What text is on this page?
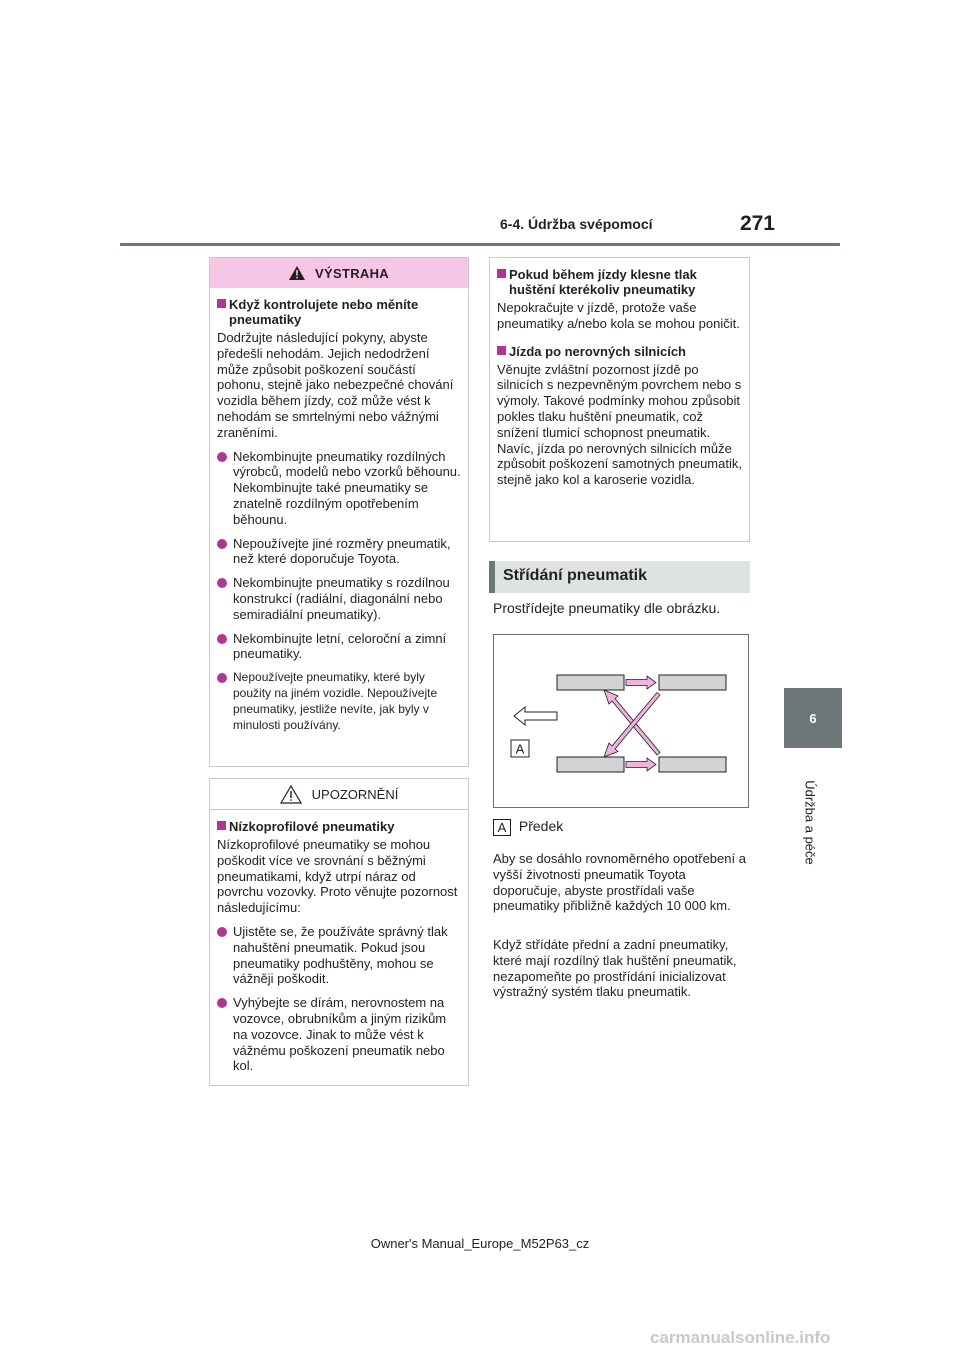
6-4. Údržba svépomocí	271
6
Údržba a péče
VÝSTRAHA
Když kontrolujete nebo měníte pneumatiky
Dodržujte následující pokyny, abyste předešli nehodám. Jejich nedodržení může způsobit poškození součástí pohonu, stejně jako nebezpečné chování vozidla během jízdy, což může vést k nehodám se smrtelnými nebo vážnými zraněními.
Nekombinujte pneumatiky rozdílných výrobců, modelů nebo vzorků běhounu. Nekombinujte také pneumatiky se znatelně rozdílným opotřebením běhounu.
Nepoužívejte jiné rozměry pneumatik, než které doporučuje Toyota.
Nekombinujte pneumatiky s rozdílnou konstrukcí (radiální, diagonální nebo semiradiální pneumatiky).
Nekombinujte letní, celoroční a zimní pneumatiky.
Nepoužívejte pneumatiky, které byly použity na jiném vozidle. Nepoužívejte pneumatiky, jestliže nevíte, jak byly v minulosti používány.
UPOZORNĚNÍ
Nízkoprofilové pneumatiky
Nízkoprofilové pneumatiky se mohou poškodit více ve srovnání s běžnými pneumatikami, když utrpí náraz od povrchu vozovky. Proto věnujte pozornost následujícímu:
Ujistěte se, že používáte správný tlak nahuštění pneumatik. Pokud jsou pneumatiky podhuštěny, mohou se vážněji poškodit.
Vyhýbejte se dírám, nerovnostem na vozovce, obrubníkům a jiným rizikům na vozovce. Jinak to může vést k vážnému poškození pneumatik nebo kol.
Pokud během jízdy klesne tlak huštění kterékoliv pneumatiky
Nepokračujte v jízdě, protože vaše pneumatiky a/nebo kola se mohou poničit.
Jízda po nerovných silnicích
Věnujte zvláštní pozornost jízdě po silnicích s nezpevněným povrchem nebo s výmoly. Takové podmínky mohou způsobit pokles tlaku huštění pneumatik, což snížení tlumicí schopnost pneumatik. Navíc, jízda po nerovných silnicích může způsobit poškození samotných pneumatik, stejně jako kol a karoserie vozidla.
Střídání pneumatik
Prostřídejte pneumatiky dle obrázku.
A
A Předek
Aby se dosáhlo rovnoměrného opotřebení a vyšší životnosti pneumatik Toyota doporučuje, abyste prostřídali vaše pneumatiky přibližně každých 10 000 km.
Když střídáte přední a zadní pneumatiky, které mají rozdílný tlak huštění pneumatik, nezapomeňte po prostřídání inicializovat výstražný systém tlaku pneumatik.
Owner's Manual_Europe_M52P63_cz
carmanualsonline.info
